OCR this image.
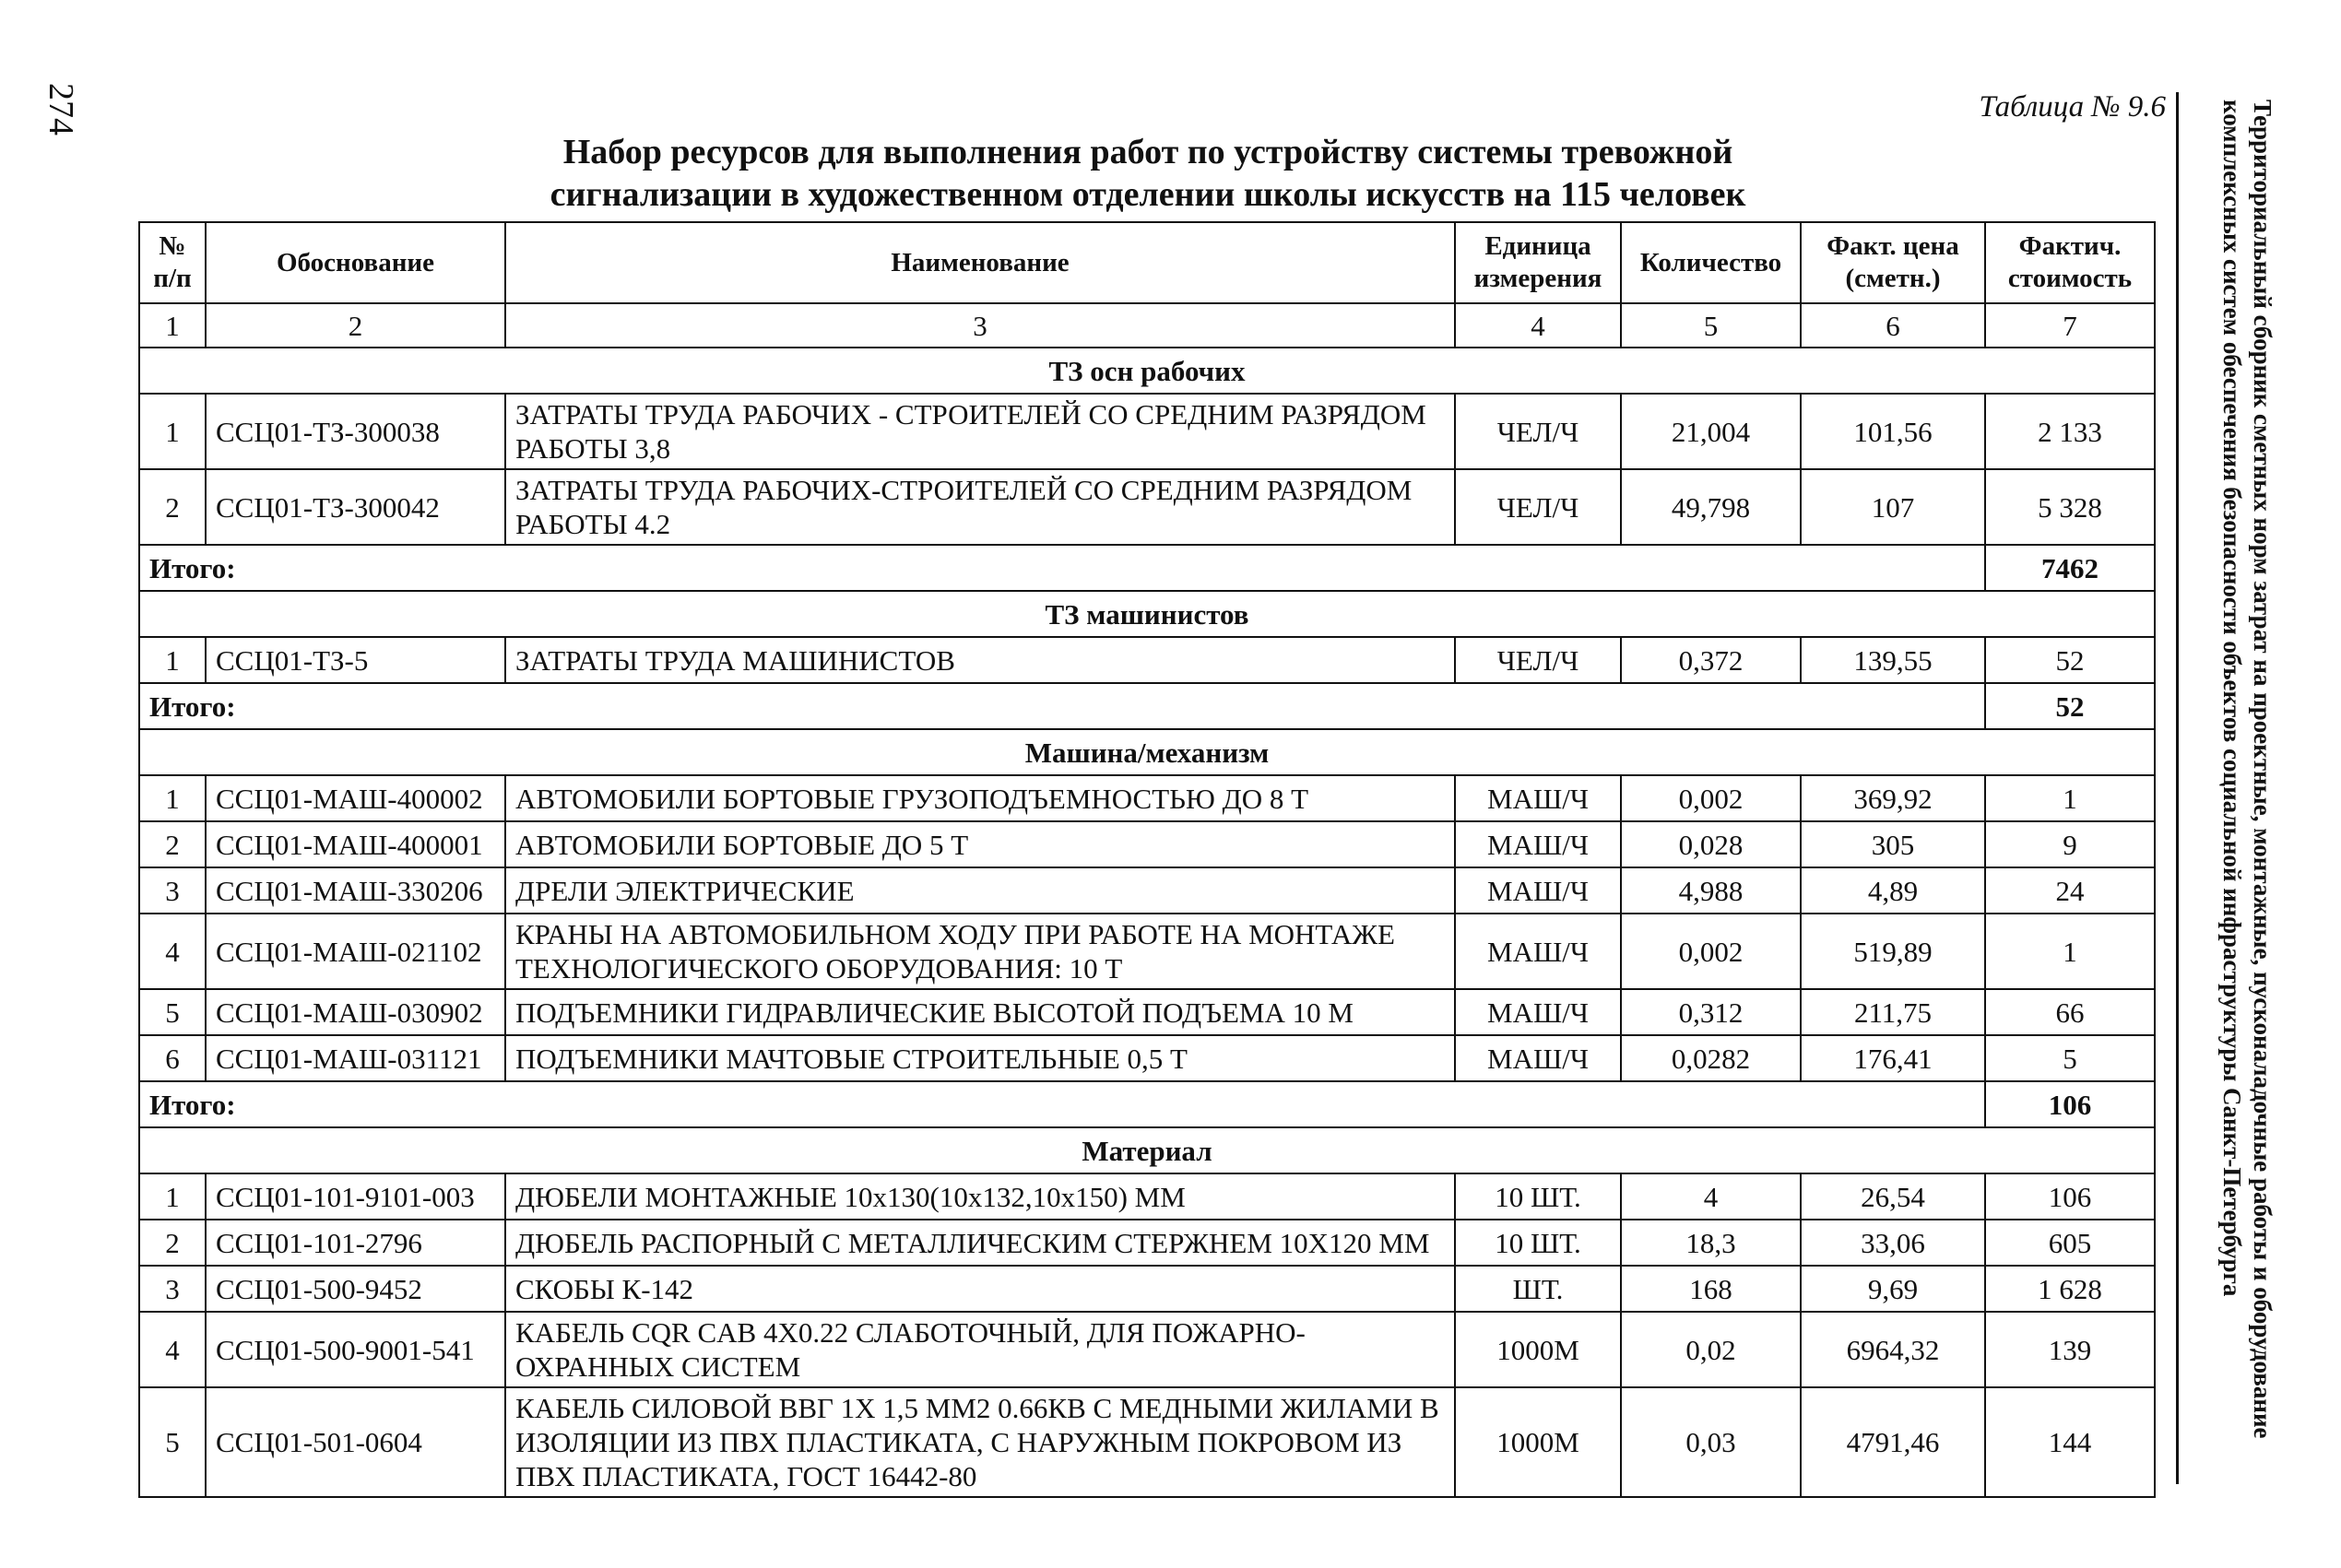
274	Таблица № 9.6
Набор ресурсов для выполнения работ по устройству системы тревожной
сигнализации в художественном отделении школы искусств на 115 человек	Территориальный сборник сметных норм затрат на проектные, монтажные, пусконаладочные работы и оборудование
комплексных систем обеспечения безопасности объектов социальной инфраструктуры Санкт-Петербурга
№ п/п	Обоснование	Наименование	Единица измерения	Количество	Факт. цена (сметн.)	Фактич. стоимость
1	2	3	4	5	6	7
ТЗ осн рабочих						
1	ССЦ01-ТЗ-300038	ЗАТРАТЫ ТРУДА РАБОЧИХ - СТРОИТЕЛЕЙ СО СРЕДНИМ РАЗРЯДОМ РАБОТЫ 3,8	ЧЕЛ/Ч	21,004	101,56	2 133
2	ССЦ01-ТЗ-300042	ЗАТРАТЫ ТРУДА РАБОЧИХ-СТРОИТЕЛЕЙ СО СРЕДНИМ РАЗРЯДОМ РАБОТЫ 4.2	ЧЕЛ/Ч	49,798	107	5 328
Итого:						7462
ТЗ машинистов						
1	ССЦ01-ТЗ-5	ЗАТРАТЫ ТРУДА МАШИНИСТОВ	ЧЕЛ/Ч	0,372	139,55	52
Итого:						52
Машина/механизм						
1	ССЦ01-МАШ-400002	АВТОМОБИЛИ БОРТОВЫЕ ГРУЗОПОДЪЕМНОСТЬЮ ДО 8 Т	МАШ/Ч	0,002	369,92	1
2	ССЦ01-МАШ-400001	АВТОМОБИЛИ БОРТОВЫЕ ДО 5 Т	МАШ/Ч	0,028	305	9
3	ССЦ01-МАШ-330206	ДРЕЛИ ЭЛЕКТРИЧЕСКИЕ	МАШ/Ч	4,988	4,89	24
4	ССЦ01-МАШ-021102	КРАНЫ НА АВТОМОБИЛЬНОМ ХОДУ ПРИ РАБОТЕ НА МОНТАЖЕ ТЕХНОЛОГИЧЕСКОГО ОБОРУДОВАНИЯ: 10 Т	МАШ/Ч	0,002	519,89	1
5	ССЦ01-МАШ-030902	ПОДЪЕМНИКИ ГИДРАВЛИЧЕСКИЕ ВЫСОТОЙ ПОДЪЕМА 10 М	МАШ/Ч	0,312	211,75	66
6	ССЦ01-МАШ-031121	ПОДЪЕМНИКИ МАЧТОВЫЕ СТРОИТЕЛЬНЫЕ 0,5 Т	МАШ/Ч	0,0282	176,41	5
Итого:						106
Материал						
1	ССЦ01-101-9101-003	ДЮБЕЛИ МОНТАЖНЫЕ 10x130(10x132,10x150) ММ	10 ШТ.	4	26,54	106
2	ССЦ01-101-2796	ДЮБЕЛЬ РАСПОРНЫЙ С МЕТАЛЛИЧЕСКИМ СТЕРЖНЕМ 10X120 ММ	10 ШТ.	18,3	33,06	605
3	ССЦ01-500-9452	СКОБЫ К-142	ШТ.	168	9,69	1 628
4	ССЦ01-500-9001-541	КАБЕЛЬ CQR CAB 4X0.22 СЛАБОТОЧНЫЙ, ДЛЯ ПОЖАРНО-ОХРАННЫХ СИСТЕМ	1000М	0,02	6964,32	139
5	ССЦ01-501-0604	КАБЕЛЬ СИЛОВОЙ ВВГ 1X 1,5 ММ2 0.66КВ С МЕДНЫМИ ЖИЛАМИ В ИЗОЛЯЦИИ ИЗ ПВХ ПЛАСТИКАТА, С НАРУЖНЫМ ПОКРОВОМ ИЗ ПВХ ПЛАСТИКАТА, ГОСТ 16442-80	1000М	0,03	4791,46	144
